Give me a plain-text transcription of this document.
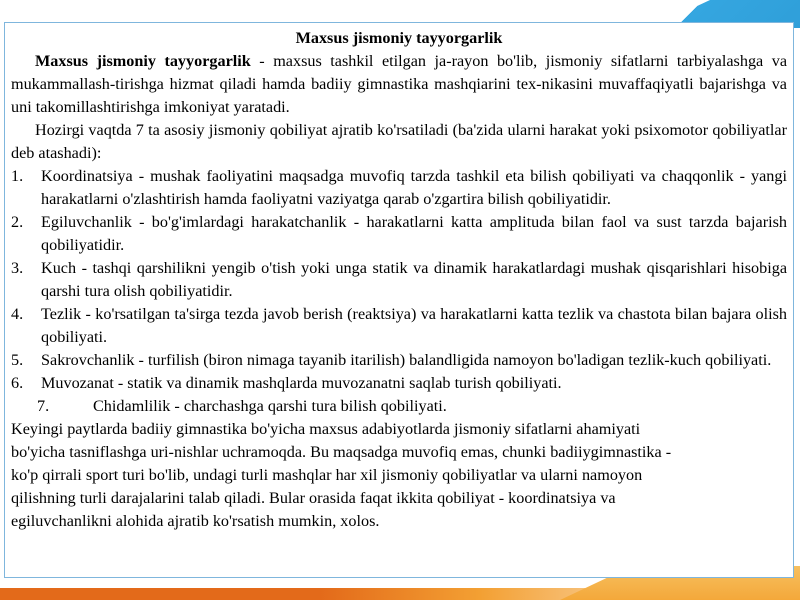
Maxsus jismoniy tayyorgarlik

Maxsus jismoniy tayyorgarlik - maxsus tashkil etilgan ja-rayon bo'lib, jismoniy sifatlarni tarbiyalashga va mukammallash-tirishga hizmat qiladi hamda badiiy gimnastika mashqiarini tex-nikasini muvaffaqiyatli bajarishga va uni takomillashtirishga imkoniyat yaratadi.

Hozirgi vaqtda 7 ta asosiy jismoniy qobiliyat ajratib ko'rsatiladi (ba'zida ularni harakat yoki psixomotor qobiliyatlar deb atashadi):

1. Koordinatsiya - mushak faoliyatini maqsadga muvofiq tarzda tashkil eta bilish qobiliyati va chaqqonlik - yangi harakatlarni o'zlashtirish hamda faoliyatni vaziyatga qarab o'zgartira bilish qobiliyatidir.
2. Egiluvchanlik - bo'g'imlardagi harakatchanlik - harakatlarni katta amplituda bilan faol va sust tarzda bajarish qobiliyatidir.
3. Kuch - tashqi qarshilikni yengib o'tish yoki unga statik va dinamik harakatlardagi mushak qisqarishlari hisobiga qarshi tura olish qobiliyatidir.
4. Tezlik - ko'rsatilgan ta'sirga tezda javob berish (reaktsiya) va harakatlarni katta tezlik va chastota bilan bajara olish qobiliyati.
5. Sakrovchanlik - turfilish (biron nimaga tayanib itarilish) balandligida namoyon bo'ladigan tezlik-kuch qobiliyati.
6. Muvozanat - statik va dinamik mashqlarda muvozanatni saqlab turish qobiliyati.

7.	Chidamlilik - charchashga qarshi tura bilish qobiliyati.

Keyingi paytlarda badiiy gimnastika bo'yicha maxsus adabiyotlarda jismoniy sifatlarni ahamiyati

bo'yicha tasniflashga uri-nishlar uchramoqda. Bu maqsadga muvofiq emas, chunki badiiygimnastika -

ko'p qirrali sport turi bo'lib, undagi turli mashqlar har xil jismoniy qobiliyatlar va ularni namoyon

qilishning turli darajalarini talab qiladi. Bular orasida faqat ikkita qobiliyat - koordinatsiya va

egiluvchanlikni alohida ajratib ko'rsatish mumkin, xolos.
